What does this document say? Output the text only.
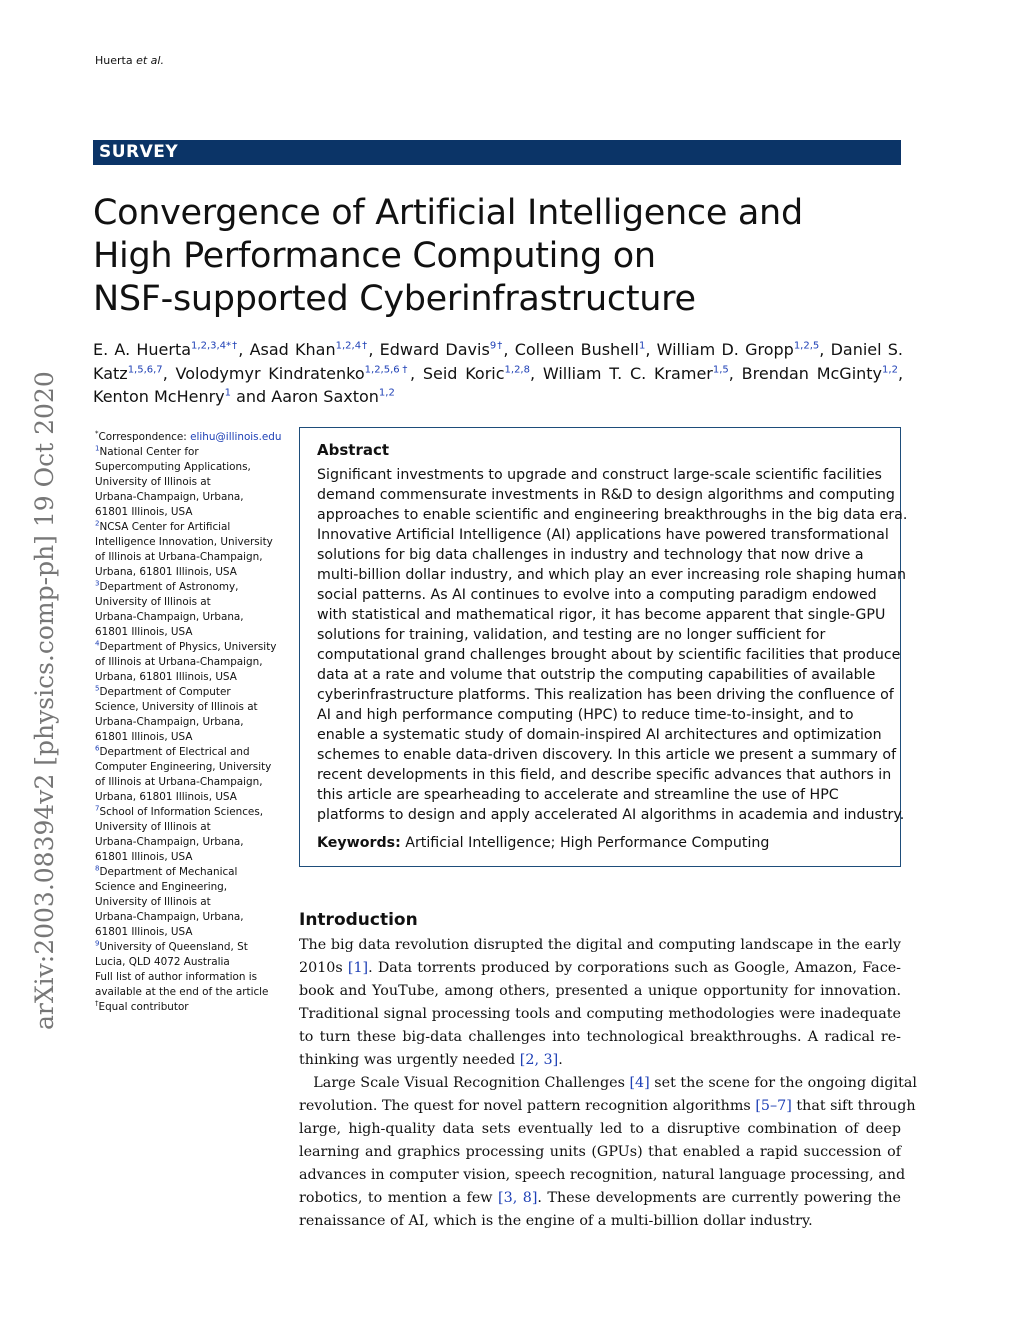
Huerta et al.
SURVEY
Convergence of Artificial Intelligence and
High Performance Computing on
NSF-supported Cyberinfrastructure
E. A. Huerta$^{1,2,3,4*\dagger}$, Asad Khan$^{1,2,4\dagger}$, Edward Davis$^{9\dagger}$, Colleen Bushell$^1$, William D. Gropp$^{1,2,5}$, Daniel S. Katz$^{1,5,6,7}$, Volodymyr Kindratenko$^{1,2,5,6\dagger}$, Seid Koric$^{1,2,8}$, William T. C. Kramer$^{1,5}$, Brendan McGinty$^{1,2}$, Kenton McHenry$^1$ and Aaron Saxton$^{1,2}$
arXiv:2003.08394v2 [physics.comp-ph] 19 Oct 2020	*Correspondence: elihu@illinois.edu
$^1$National Center for
Supercomputing Applications,
University of Illinois at
Urbana-Champaign, Urbana,
61801 Illinois, USA
$^2$NCSA Center for Artificial
Intelligence Innovation, University
of Illinois at Urbana-Champaign,
Urbana, 61801 Illinois, USA
$^3$Department of Astronomy,
University of Illinois at
Urbana-Champaign, Urbana,
61801 Illinois, USA
$^4$Department of Physics, University
of Illinois at Urbana-Champaign,
Urbana, 61801 Illinois, USA
$^5$Department of Computer
Science, University of Illinois at
Urbana-Champaign, Urbana,
61801 Illinois, USA
$^6$Department of Electrical and
Computer Engineering, University
of Illinois at Urbana-Champaign,
Urbana, 61801 Illinois, USA
$^7$School of Information Sciences,
University of Illinois at
Urbana-Champaign, Urbana,
61801 Illinois, USA
$^8$Department of Mechanical
Science and Engineering,
University of Illinois at
Urbana-Champaign, Urbana,
61801 Illinois, USA
$^9$University of Queensland, St
Lucia, QLD 4072 Australia
Full list of author information is
available at the end of the article
†Equal contributor
Abstract
Significant investments to upgrade and construct large-scale scientific facilities
demand commensurate investments in R&D to design algorithms and computing
approaches to enable scientific and engineering breakthroughs in the big data era.
Innovative Artificial Intelligence (AI) applications have powered transformational
solutions for big data challenges in industry and technology that now drive a
multi-billion dollar industry, and which play an ever increasing role shaping human
social patterns. As AI continues to evolve into a computing paradigm endowed
with statistical and mathematical rigor, it has become apparent that single-GPU
solutions for training, validation, and testing are no longer sufficient for
computational grand challenges brought about by scientific facilities that produce
data at a rate and volume that outstrip the computing capabilities of available
cyberinfrastructure platforms. This realization has been driving the confluence of
AI and high performance computing (HPC) to reduce time-to-insight, and to
enable a systematic study of domain-inspired AI architectures and optimization
schemes to enable data-driven discovery. In this article we present a summary of
recent developments in this field, and describe specific advances that authors in
this article are spearheading to accelerate and streamline the use of HPC
platforms to design and apply accelerated AI algorithms in academia and industry.
Keywords: Artificial Intelligence; High Performance Computing
Introduction
The big data revolution disrupted the digital and computing landscape in the early
2010s [1]. Data torrents produced by corporations such as Google, Amazon, Face-
book and YouTube, among others, presented a unique opportunity for innovation.
Traditional signal processing tools and computing methodologies were inadequate
to turn these big-data challenges into technological breakthroughs. A radical re-
thinking was urgently needed [2, 3].
 Large Scale Visual Recognition Challenges [4] set the scene for the ongoing digital
revolution. The quest for novel pattern recognition algorithms [5–7] that sift through
large, high-quality data sets eventually led to a disruptive combination of deep
learning and graphics processing units (GPUs) that enabled a rapid succession of
advances in computer vision, speech recognition, natural language processing, and
robotics, to mention a few [3, 8]. These developments are currently powering the
renaissance of AI, which is the engine of a multi-billion dollar industry.
